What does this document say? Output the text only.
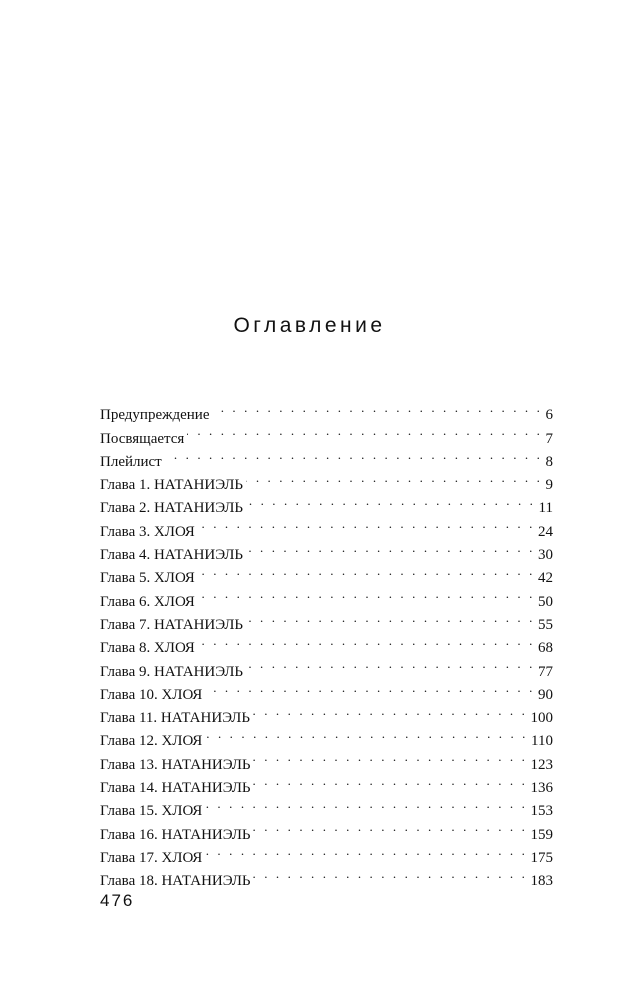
Оглавление
Предупреждение . . .	6
Посвящается . . .	7
Плейлист . . .	8
Глава 1. НАТАНИЭЛЬ . . .	9
Глава 2. НАТАНИЭЛЬ . . .	11
Глава 3. ХЛОЯ . . .	24
Глава 4. НАТАНИЭЛЬ . . .	30
Глава 5. ХЛОЯ . . .	42
Глава 6. ХЛОЯ . . .	50
Глава 7. НАТАНИЭЛЬ . . .	55
Глава 8. ХЛОЯ . . .	68
Глава 9. НАТАНИЭЛЬ . . .	77
Глава 10. ХЛОЯ . . .	90
Глава 11. НАТАНИЭЛЬ . . .	100
Глава 12. ХЛОЯ . . .	110
Глава 13. НАТАНИЭЛЬ . . .	123
Глава 14. НАТАНИЭЛЬ . . .	136
Глава 15. ХЛОЯ . . .	153
Глава 16. НАТАНИЭЛЬ . . .	159
Глава 17. ХЛОЯ . . .	175
Глава 18. НАТАНИЭЛЬ . . .	183

476
